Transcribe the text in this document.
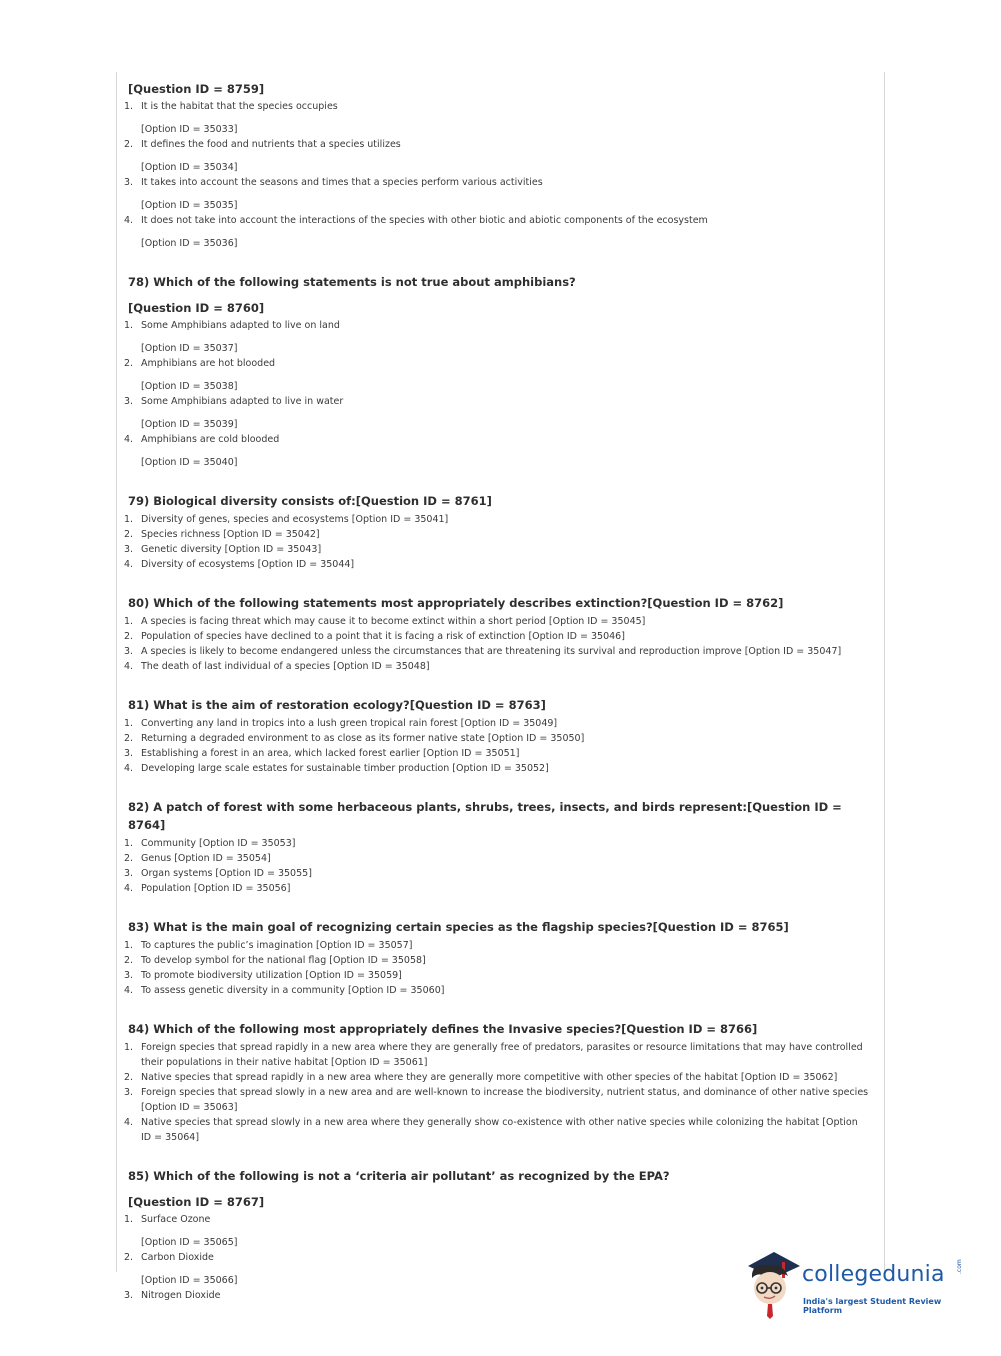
[Question ID = 8759]
1. It is the habitat that the species occupies
[Option ID = 35033]
2. It defines the food and nutrients that a species utilizes
[Option ID = 35034]
3. It takes into account the seasons and times that a species perform various activities
[Option ID = 35035]
4. It does not take into account the interactions of the species with other biotic and abiotic components of the ecosystem
[Option ID = 35036]
78) Which of the following statements is not true about amphibians?
[Question ID = 8760]
1. Some Amphibians adapted to live on land
[Option ID = 35037]
2. Amphibians are hot blooded
[Option ID = 35038]
3. Some Amphibians adapted to live in water
[Option ID = 35039]
4. Amphibians are cold blooded
[Option ID = 35040]
79) Biological diversity consists of:[Question ID = 8761]
1. Diversity of genes, species and ecosystems [Option ID = 35041]
2. Species richness [Option ID = 35042]
3. Genetic diversity [Option ID = 35043]
4. Diversity of ecosystems [Option ID = 35044]
80) Which of the following statements most appropriately describes extinction?[Question ID = 8762]
1. A species is facing threat which may cause it to become extinct within a short period [Option ID = 35045]
2. Population of species have declined to a point that it is facing a risk of extinction [Option ID = 35046]
3. A species is likely to become endangered unless the circumstances that are threatening its survival and reproduction improve [Option ID = 35047]
4. The death of last individual of a species [Option ID = 35048]
81) What is the aim of restoration ecology?[Question ID = 8763]
1. Converting any land in tropics into a lush green tropical rain forest [Option ID = 35049]
2. Returning a degraded environment to as close as its former native state [Option ID = 35050]
3. Establishing a forest in an area, which lacked forest earlier [Option ID = 35051]
4. Developing large scale estates for sustainable timber production [Option ID = 35052]
82) A patch of forest with some herbaceous plants, shrubs, trees, insects, and birds represent:[Question ID = 8764]
1. Community [Option ID = 35053]
2. Genus [Option ID = 35054]
3. Organ systems [Option ID = 35055]
4. Population [Option ID = 35056]
83) What is the main goal of recognizing certain species as the flagship species?[Question ID = 8765]
1. To captures the public’s imagination [Option ID = 35057]
2. To develop symbol for the national flag [Option ID = 35058]
3. To promote biodiversity utilization [Option ID = 35059]
4. To assess genetic diversity in a community [Option ID = 35060]
84) Which of the following most appropriately defines the Invasive species?[Question ID = 8766]
1. Foreign species that spread rapidly in a new area where they are generally free of predators, parasites or resource limitations that may have controlled their populations in their native habitat [Option ID = 35061]
2. Native species that spread rapidly in a new area where they are generally more competitive with other species of the habitat [Option ID = 35062]
3. Foreign species that spread slowly in a new area and are well-known to increase the biodiversity, nutrient status, and dominance of other native species [Option ID = 35063]
4. Native species that spread slowly in a new area where they generally show co-existence with other native species while colonizing the habitat [Option ID = 35064]
85) Which of the following is not a ‘criteria air pollutant’ as recognized by the EPA?
[Question ID = 8767]
1. Surface Ozone
[Option ID = 35065]
2. Carbon Dioxide
[Option ID = 35066]
3. Nitrogen Dioxide
collegedunia .com
India's largest Student Review Platform
